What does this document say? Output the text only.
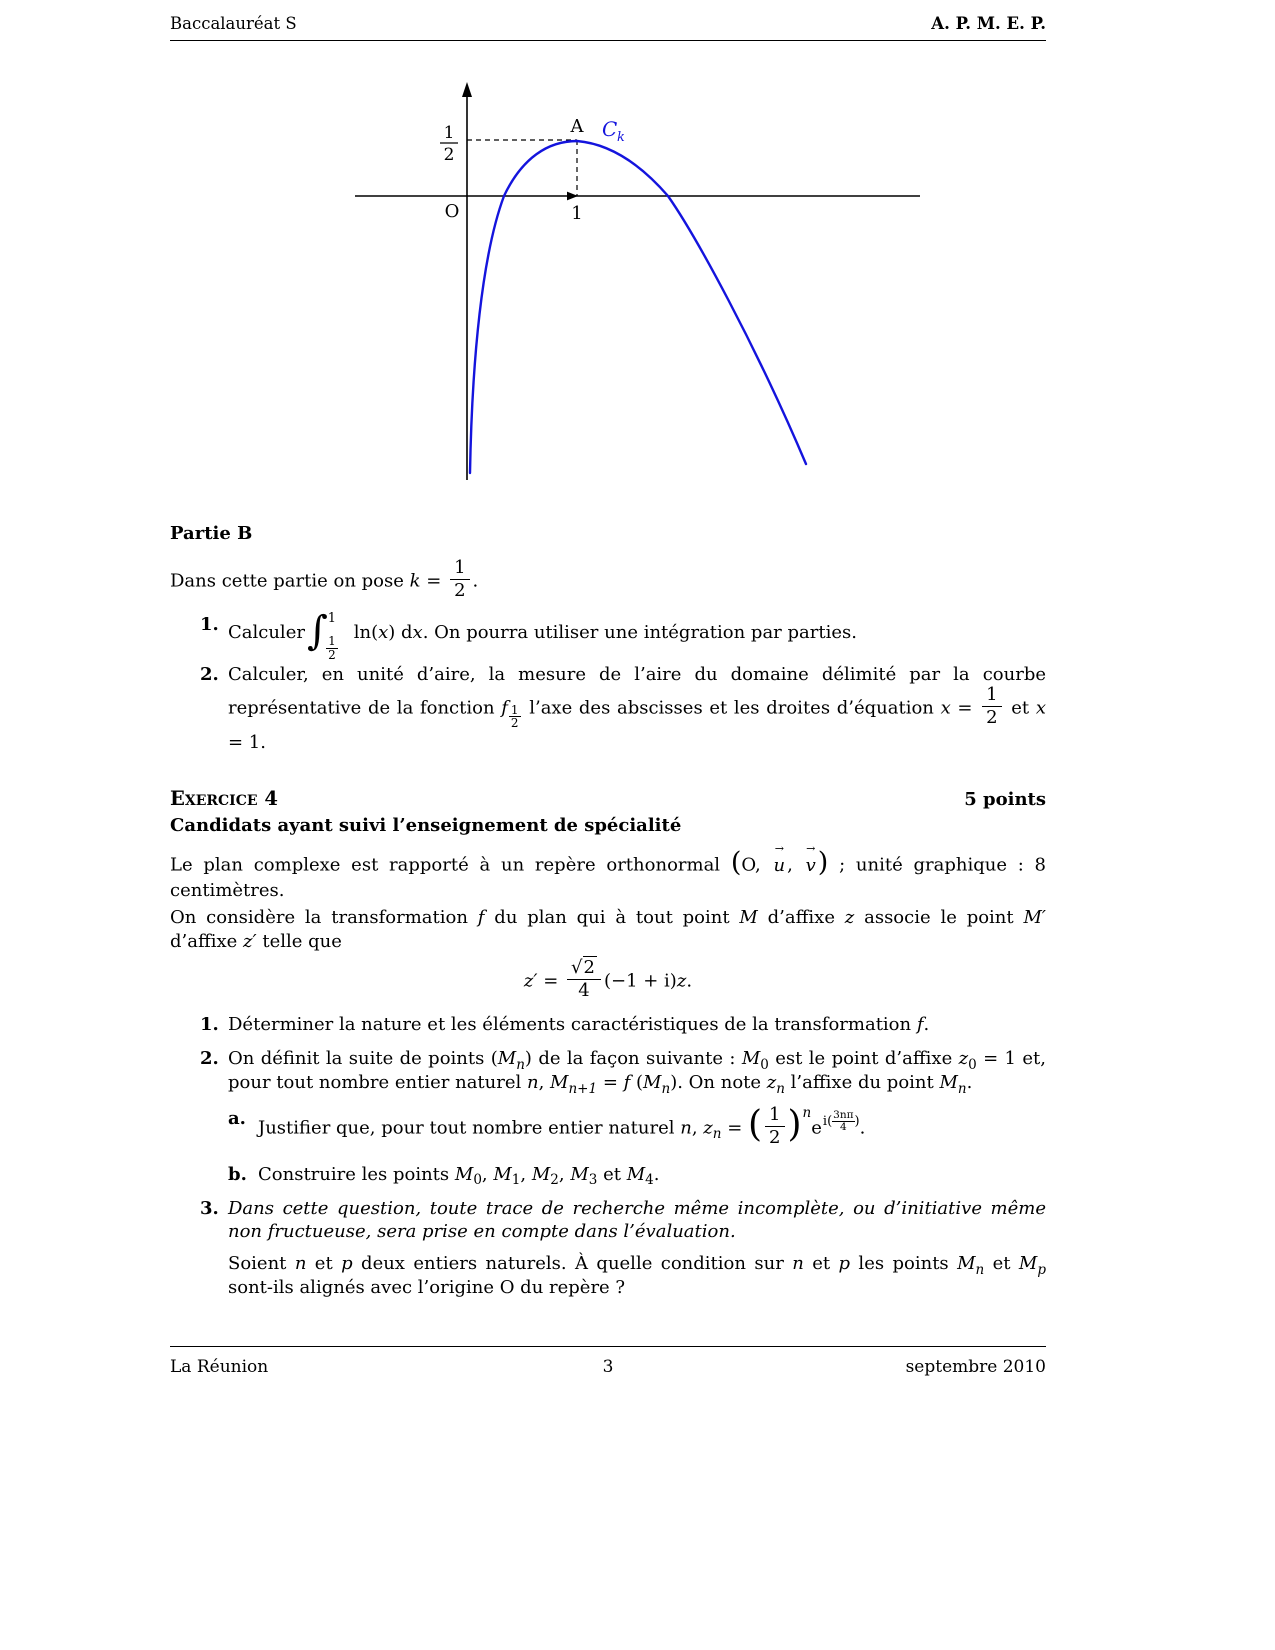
Baccalauréat S	A. P. M. E. P.
1
2
A C k
O	1
Partie B
Dans cette partie on pose $k = \frac{1}{2}$ .
1. Calculer∫$^1$
$\frac{1}{2}$
ln(x) dx. On pourra utiliser une intégration par parties.
2. Calculer, en unité d’aire, la mesure de l’aire du domaine délimité par la courbe représentative de la fonction f $\frac{1}{2}$ l’axe des abscisses et les droites d’équation $x = \frac{1}{2}$ et x = 1.
Exercice 4	5 points
Candidats ayant suivi l’enseignement de spécialité
Le plan complexe est rapporté à un repère orthonormal (O,
→
u ,
→
v) ; unité graphique : 8 centimètres.
On considère la transformation f du plan qui à tout point M d’affixe z associe le point M′ d’affixe z′ telle que
$z' = \frac{√2}{4} (-1 + i)z$.
1. Déterminer la nature et les éléments caractéristiques de la transformation f.
2. On définit la suite de points $(M_n)$ de la façon suivante : $M_0$ est le point d’affixe $z_0 = 1$ et, pour tout nombre entier naturel n, $M_{n+1} = f$ $(M_n)$. On note $z_n$ l’affixe du point $M_n$.
a. Justifier que, pour tout nombre entier naturel n, $z_n$ = ( $\frac{1}{2} )^ne^{i( \frac{3n\pi}{4} )}$.
b. Construire les points $M_0$, $M_1$, $M_2$, $M_3$ et $M_4$.
3. Dans cette question, toute trace de recherche même incomplète, ou d’initiative même non fructueuse, sera prise en compte dans l’évaluation.
Soient n et p deux entiers naturels. À quelle condition sur n et p les points $M_n$ et $M_p$ sont-ils alignés avec l’origine O du repère ?
La Réunion	3	septembre 2010
